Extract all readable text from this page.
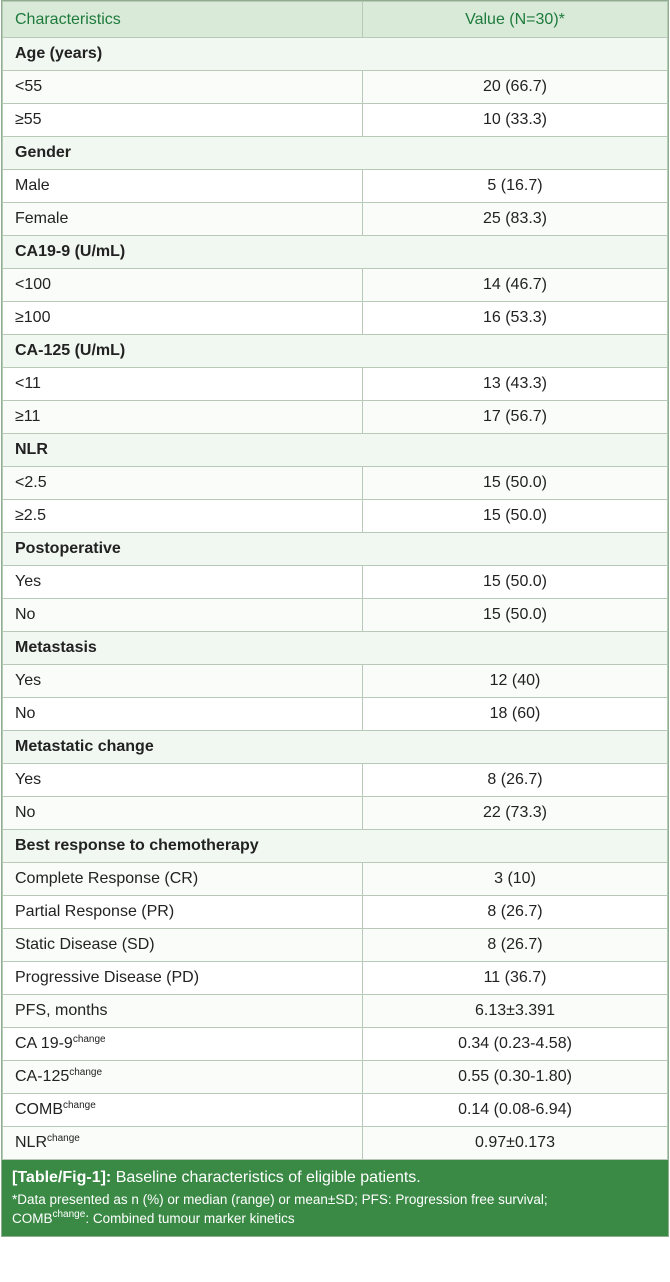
Characteristics	Value (N=30)*
Age (years)	
<55	20 (66.7)
≥55	10 (33.3)
Gender	
Male	5 (16.7)
Female	25 (83.3)
CA19-9 (U/mL)	
<100	14 (46.7)
≥100	16 (53.3)
CA-125 (U/mL)	
<11	13 (43.3)
≥11	17 (56.7)
NLR	
<2.5	15 (50.0)
≥2.5	15 (50.0)
Postoperative	
Yes	15 (50.0)
No	15 (50.0)
Metastasis	
Yes	12 (40)
No	18 (60)
Metastatic change	
Yes	8 (26.7)
No	22 (73.3)
Best response to chemotherapy	
Complete Response (CR)	3 (10)
Partial Response (PR)	8 (26.7)
Static Disease (SD)	8 (26.7)
Progressive Disease (PD)	11 (36.7)
PFS, months	6.13±3.391
CA $19-9^{change}$	0.34 (0.23-4.58)
$CA-125^{change}$	0.55 (0.30-1.80)
$COMB^{change}$	0.14 (0.08-6.94)
$NLR^{change}$	0.97±0.173
[Table/Fig-1]: Baseline characteristics of eligible patients.
*Data presented as n (%) or median (range) or mean±SD; PFS: Progression free survival;
$COMB^{change}$: Combined tumour marker kinetics
